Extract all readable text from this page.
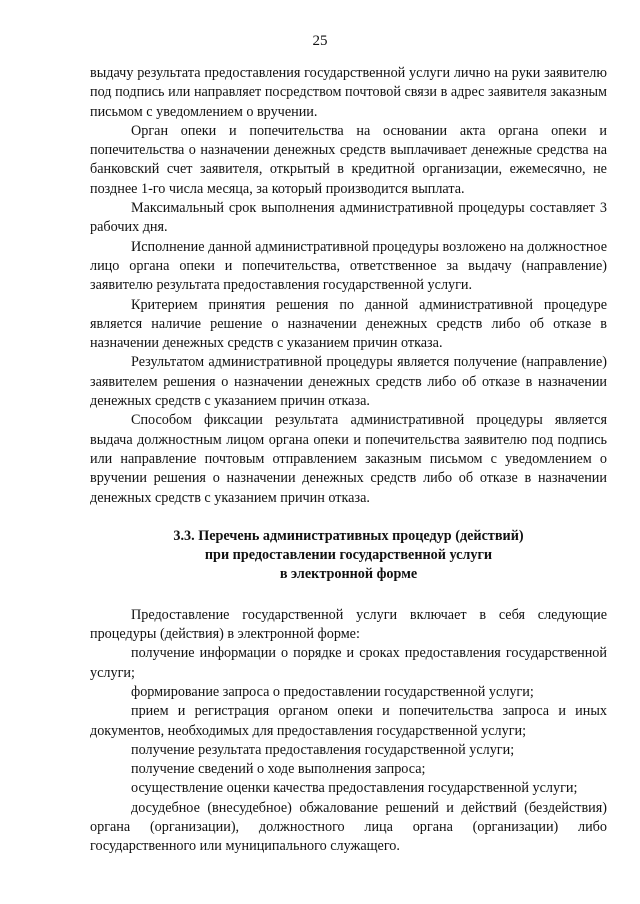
25

выдачу результата предоставления государственной услуги лично на руки заявителю под подпись или направляет посредством почтовой связи в адрес заявителя заказным письмом с уведомлением о вручении.

Орган опеки и попечительства на основании акта органа опеки и попечительства о назначении денежных средств выплачивает денежные средства на банковский счет заявителя, открытый в кредитной организации, ежемесячно, не позднее 1-го числа месяца, за который производится выплата.

Максимальный срок выполнения административной процедуры составляет 3 рабочих дня.

Исполнение данной административной процедуры возложено на должностное лицо органа опеки и попечительства, ответственное за выдачу (направление) заявителю результата предоставления государственной услуги.

Критерием принятия решения по данной административной процедуре является наличие решение о назначении денежных средств либо об отказе в назначении денежных средств с указанием причин отказа.

Результатом административной процедуры является получение (направление) заявителем решения о назначении денежных средств либо об отказе в назначении денежных средств с указанием причин отказа.

Способом фиксации результата административной процедуры является выдача должностным лицом органа опеки и попечительства заявителю под подпись или направление почтовым отправлением заказным письмом с уведомлением о вручении решения о назначении денежных средств либо об отказе в назначении денежных средств с указанием причин отказа.

3.3. Перечень административных процедур (действий)
при предоставлении государственной услуги
в электронной форме

Предоставление государственной услуги включает в себя следующие процедуры (действия) в электронной форме:

получение информации о порядке и сроках предоставления государственной услуги;

формирование запроса о предоставлении государственной услуги;

прием и регистрация органом опеки и попечительства запроса и иных документов, необходимых для предоставления государственной услуги;

получение результата предоставления государственной услуги;

получение сведений о ходе выполнения запроса;

осуществление оценки качества предоставления государственной услуги;

досудебное (внесудебное) обжалование решений и действий (бездействия) органа (организации), должностного лица органа (организации) либо государственного или муниципального служащего.
